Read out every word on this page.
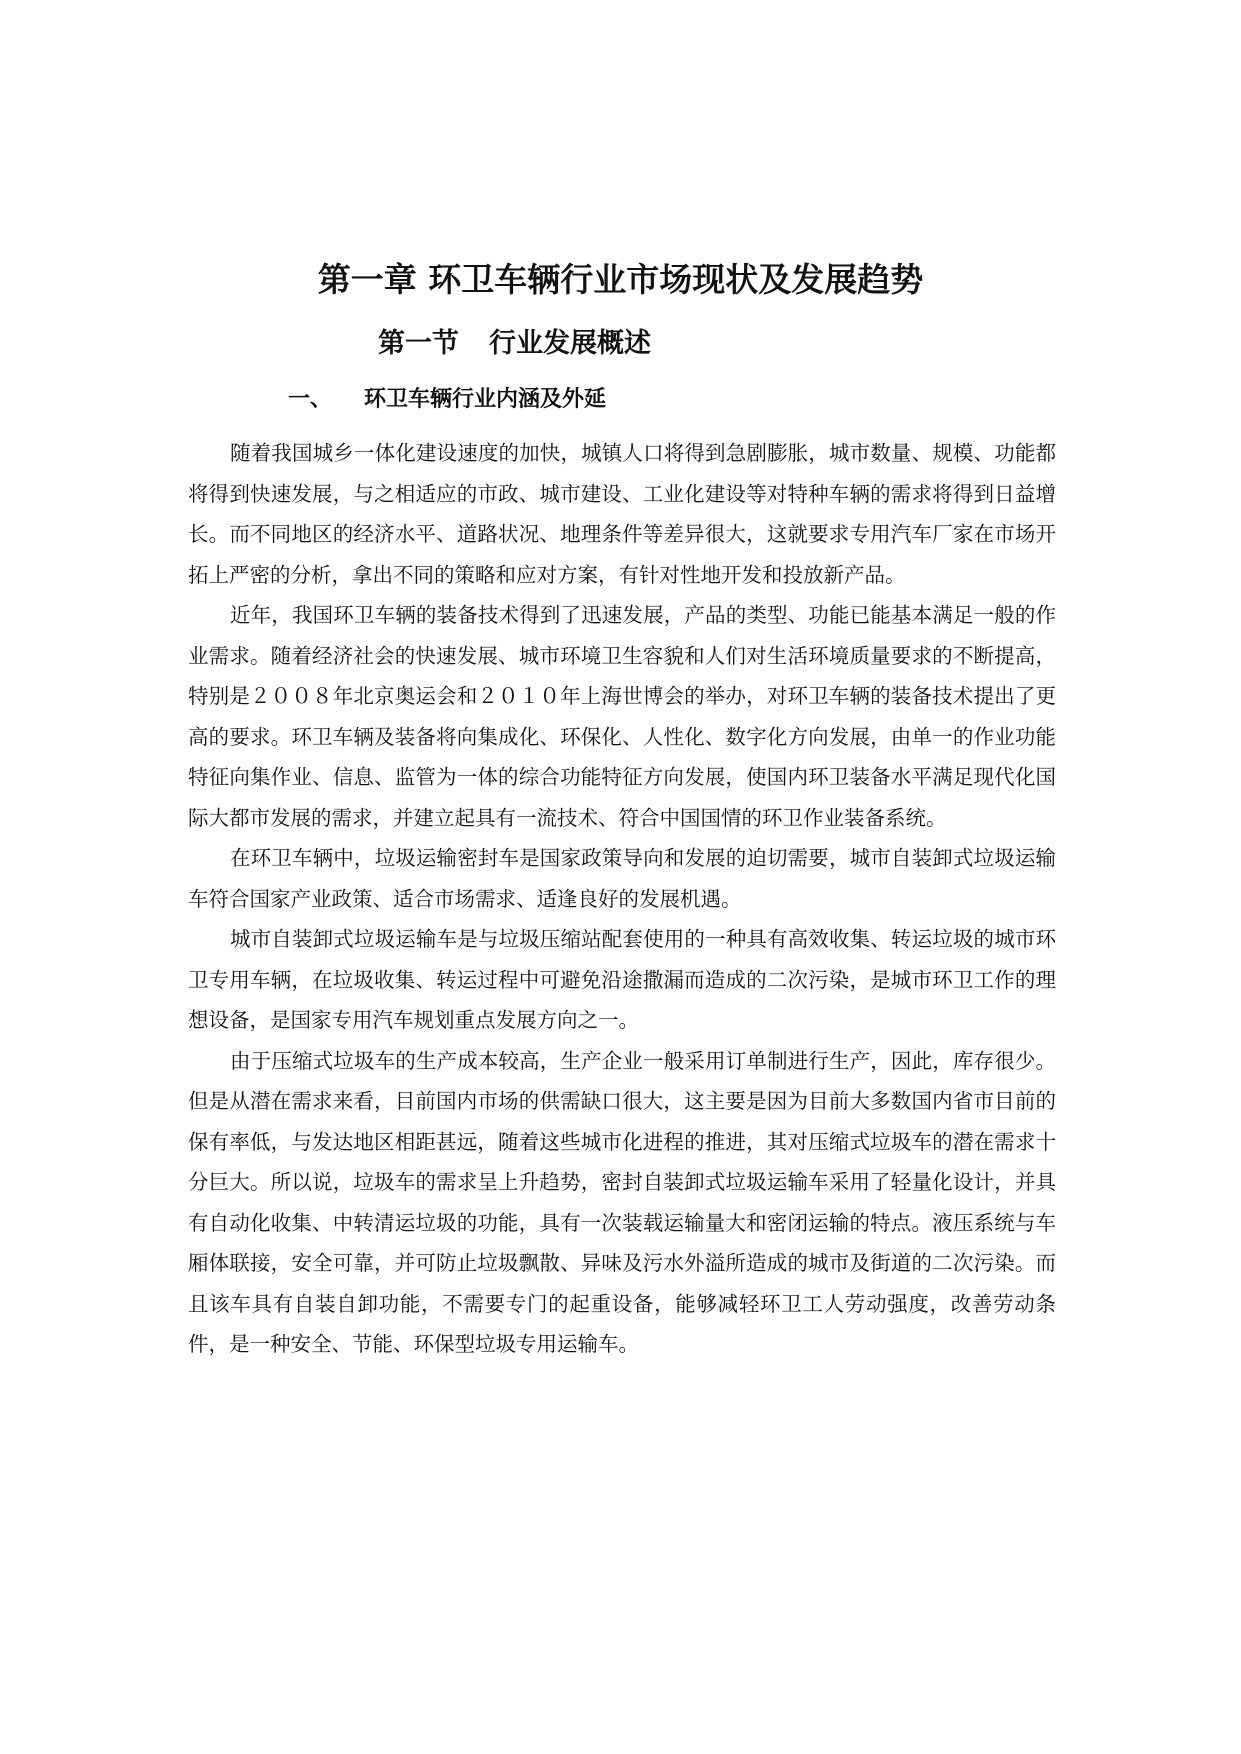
第一章 环卫车辆行业市场现状及发展趋势
第一节 行业发展概述
一、 环卫车辆行业内涵及外延

随着我国城乡一体化建设速度的加快，城镇人口将得到急剧膨胀，城市数量、规模、功能都将得到快速发展，与之相适应的市政、城市建设、工业化建设等对特种车辆的需求将得到日益增长。而不同地区的经济水平、道路状况、地理条件等差异很大，这就要求专用汽车厂家在市场开拓上严密的分析，拿出不同的策略和应对方案，有针对性地开发和投放新产品。

近年，我国环卫车辆的装备技术得到了迅速发展，产品的类型、功能已能基本满足一般的作业需求。随着经济社会的快速发展、城市环境卫生容貌和人们对生活环境质量要求的不断提高，特别是２００８年北京奥运会和２０１０年上海世博会的举办，对环卫车辆的装备技术提出了更高的要求。环卫车辆及装备将向集成化、环保化、人性化、数字化方向发展，由单一的作业功能特征向集作业、信息、监管为一体的综合功能特征方向发展，使国内环卫装备水平满足现代化国际大都市发展的需求，并建立起具有一流技术、符合中国国情的环卫作业装备系统。

在环卫车辆中，垃圾运输密封车是国家政策导向和发展的迫切需要，城市自装卸式垃圾运输车符合国家产业政策、适合市场需求、适逢良好的发展机遇。

城市自装卸式垃圾运输车是与垃圾压缩站配套使用的一种具有高效收集、转运垃圾的城市环卫专用车辆，在垃圾收集、转运过程中可避免沿途撒漏而造成的二次污染，是城市环卫工作的理想设备，是国家专用汽车规划重点发展方向之一。

由于压缩式垃圾车的生产成本较高，生产企业一般采用订单制进行生产，因此，库存很少。但是从潜在需求来看，目前国内市场的供需缺口很大，这主要是因为目前大多数国内省市目前的保有率低，与发达地区相距甚远，随着这些城市化进程的推进，其对压缩式垃圾车的潜在需求十分巨大。所以说，垃圾车的需求呈上升趋势，密封自装卸式垃圾运输车采用了轻量化设计，并具有自动化收集、中转清运垃圾的功能，具有一次装载运输量大和密闭运输的特点。液压系统与车厢体联接，安全可靠，并可防止垃圾飘散、异味及污水外溢所造成的城市及街道的二次污染。而且该车具有自装自卸功能，不需要专门的起重设备，能够减轻环卫工人劳动强度，改善劳动条件，是一种安全、节能、环保型垃圾专用运输车。
